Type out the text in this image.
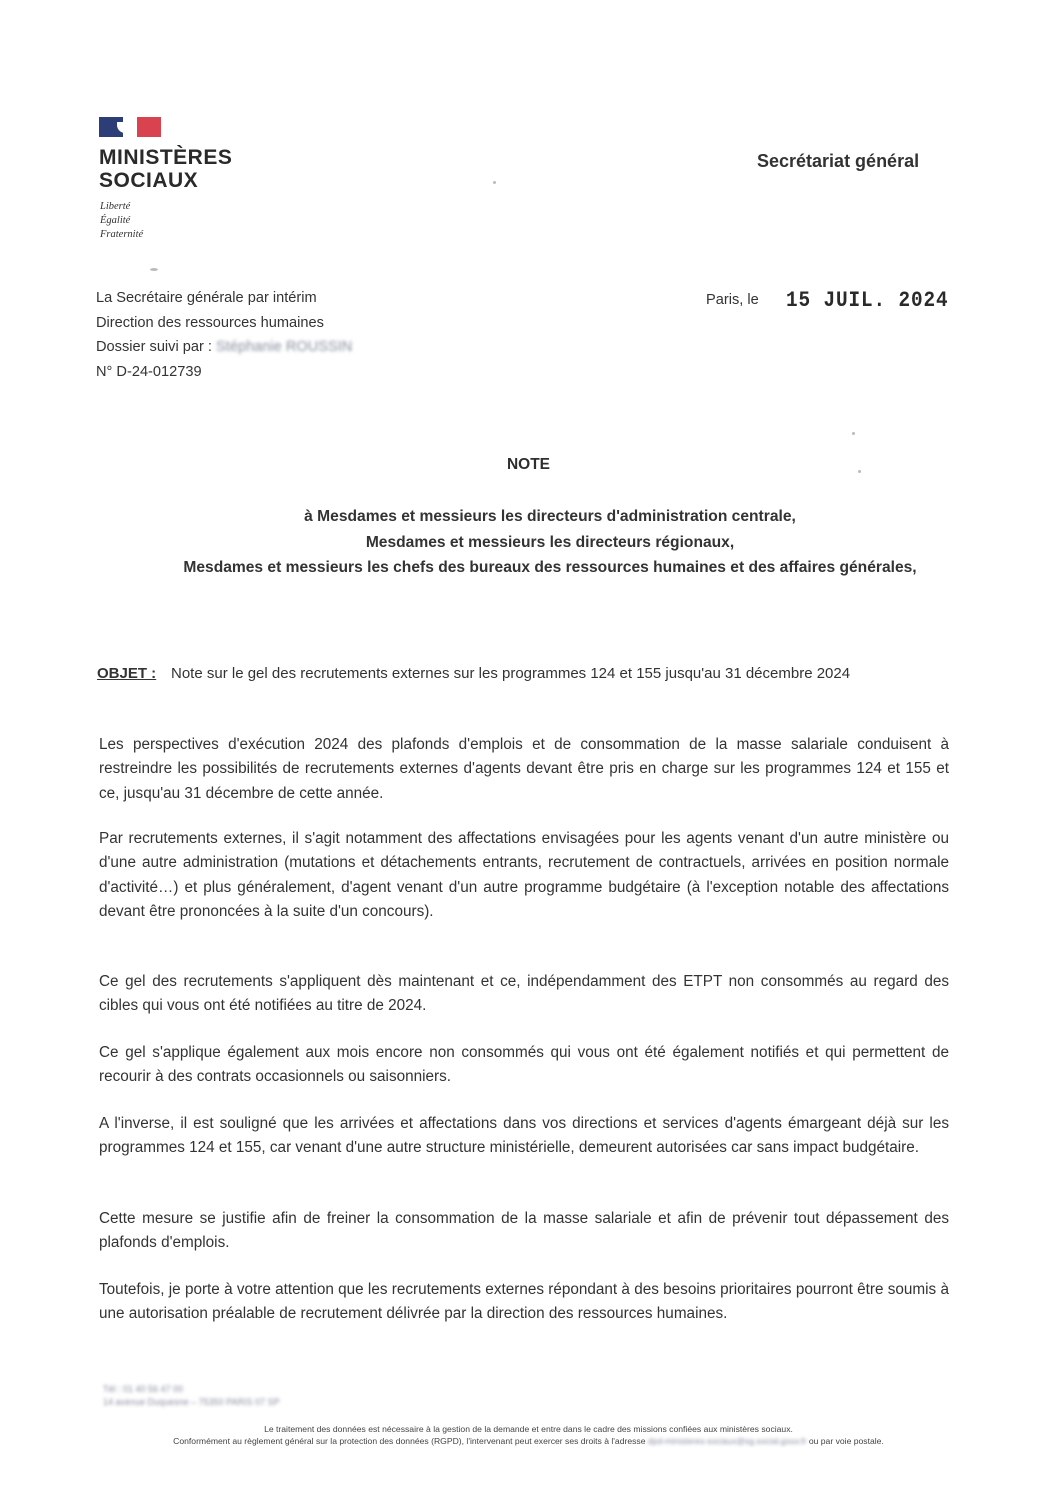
MINISTÈRES
SOCIAUX
Liberté
Égalité
Fraternité
Secrétariat général
La Secrétaire générale par intérim
Direction des ressources humaines
Dossier suivi par : Stéphanie ROUSSIN
N° D-24-012739
Paris, le 15 JUIL. 2024
NOTE
à Mesdames et messieurs les directeurs d'administration centrale,
Mesdames et messieurs les directeurs régionaux,
Mesdames et messieurs les chefs des bureaux des ressources humaines et des affaires générales,
OBJET : Note sur le gel des recrutements externes sur les programmes 124 et 155 jusqu'au 31 décembre 2024
Les perspectives d'exécution 2024 des plafonds d'emplois et de consommation de la masse salariale conduisent à restreindre les possibilités de recrutements externes d'agents devant être pris en charge sur les programmes 124 et 155 et ce, jusqu'au 31 décembre de cette année.
Par recrutements externes, il s'agit notamment des affectations envisagées pour les agents venant d'un autre ministère ou d'une autre administration (mutations et détachements entrants, recrutement de contractuels, arrivées en position normale d'activité…) et plus généralement, d'agent venant d'un autre programme budgétaire (à l'exception notable des affectations devant être prononcées à la suite d'un concours).
Ce gel des recrutements s'appliquent dès maintenant et ce, indépendamment des ETPT non consommés au regard des cibles qui vous ont été notifiées au titre de 2024.
Ce gel s'applique également aux mois encore non consommés qui vous ont été également notifiés et qui permettent de recourir à des contrats occasionnels ou saisonniers.
A l'inverse, il est souligné que les arrivées et affectations dans vos directions et services d'agents émargeant déjà sur les programmes 124 et 155, car venant d'une autre structure ministérielle, demeurent autorisées car sans impact budgétaire.
Cette mesure se justifie afin de freiner la consommation de la masse salariale et afin de prévenir tout dépassement des plafonds d'emplois.
Toutefois, je porte à votre attention que les recrutements externes répondant à des besoins prioritaires pourront être soumis à une autorisation préalable de recrutement délivrée par la direction des ressources humaines.
Tél : 01 40 56 47 00
14 avenue Duquesne – 75350 PARIS 07 SP
Le traitement des données est nécessaire à la gestion de la demande et entre dans le cadre des missions confiées aux ministères sociaux.
Conformément au règlement général sur la protection des données (RGPD), l'intervenant peut exercer ses droits à l'adresse dpd-ministeres-sociaux@sg.social.gouv.fr ou par voie postale.
